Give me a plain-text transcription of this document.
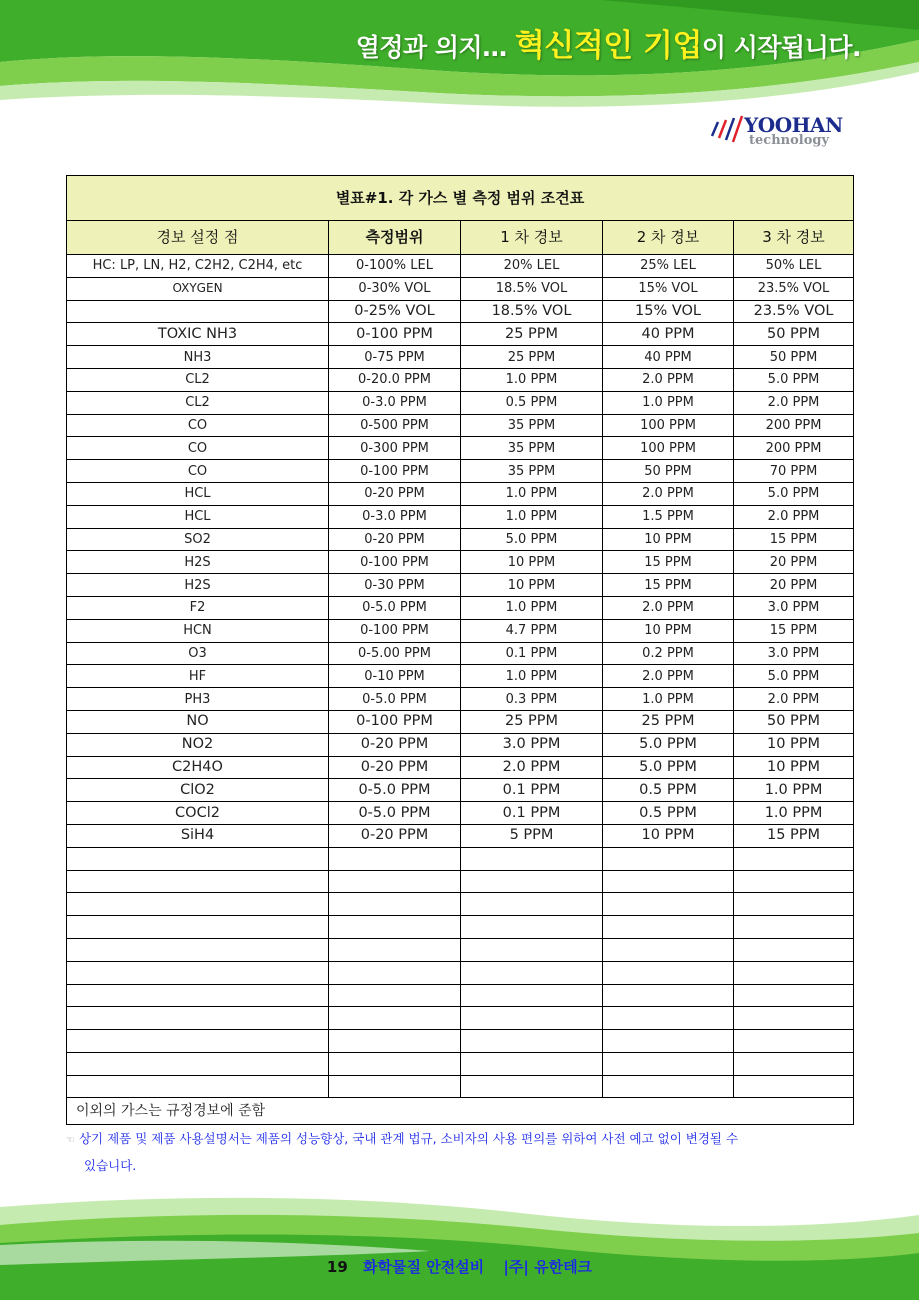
열정과 의지… 혁신적인 기업이 시작됩니다.
YOOHAN
technology
별표#1. 각 가스 별 측정 범위 조견표				
경보 설정 점	측정범위	1 차 경보	2 차 경보	3 차 경보
HC: LP, LN, H2, C2H2, C2H4, etc	0-100% LEL	20% LEL	25% LEL	50% LEL
OXYGEN	0-30% VOL	18.5% VOL	15% VOL	23.5% VOL
	0-25% VOL	18.5% VOL	15% VOL	23.5% VOL
TOXIC NH3	0-100 PPM	25 PPM	40 PPM	50 PPM
NH3	0-75 PPM	25 PPM	40 PPM	50 PPM
CL2	0-20.0 PPM	1.0 PPM	2.0 PPM	5.0 PPM
CL2	0-3.0 PPM	0.5 PPM	1.0 PPM	2.0 PPM
CO	0-500 PPM	35 PPM	100 PPM	200 PPM
CO	0-300 PPM	35 PPM	100 PPM	200 PPM
CO	0-100 PPM	35 PPM	50 PPM	70 PPM
HCL	0-20 PPM	1.0 PPM	2.0 PPM	5.0 PPM
HCL	0-3.0 PPM	1.0 PPM	1.5 PPM	2.0 PPM
SO2	0-20 PPM	5.0 PPM	10 PPM	15 PPM
H2S	0-100 PPM	10 PPM	15 PPM	20 PPM
H2S	0-30 PPM	10 PPM	15 PPM	20 PPM
F2	0-5.0 PPM	1.0 PPM	2.0 PPM	3.0 PPM
HCN	0-100 PPM	4.7 PPM	10 PPM	15 PPM
O3	0-5.00 PPM	0.1 PPM	0.2 PPM	3.0 PPM
HF	0-10 PPM	1.0 PPM	2.0 PPM	5.0 PPM
PH3	0-5.0 PPM	0.3 PPM	1.0 PPM	2.0 PPM
NO	0-100 PPM	25 PPM	25 PPM	50 PPM
NO2	0-20 PPM	3.0 PPM	5.0 PPM	10 PPM
C2H4O	0-20 PPM	2.0 PPM	5.0 PPM	10 PPM
ClO2	0-5.0 PPM	0.1 PPM	0.5 PPM	1.0 PPM
COCl2	0-5.0 PPM	0.1 PPM	0.5 PPM	1.0 PPM
SiH4	0-20 PPM	5 PPM	10 PPM	15 PPM

이외의 가스는 규정경보에 준함				
☜ 상기 제품 및 제품 사용설명서는 제품의 성능향상, 국내 관계 법규, 소비자의 사용 편의를 위하여 사전 예고 없이 변경될 수
있습니다.
19 화학물질 안전설비 |주| 유한테크
